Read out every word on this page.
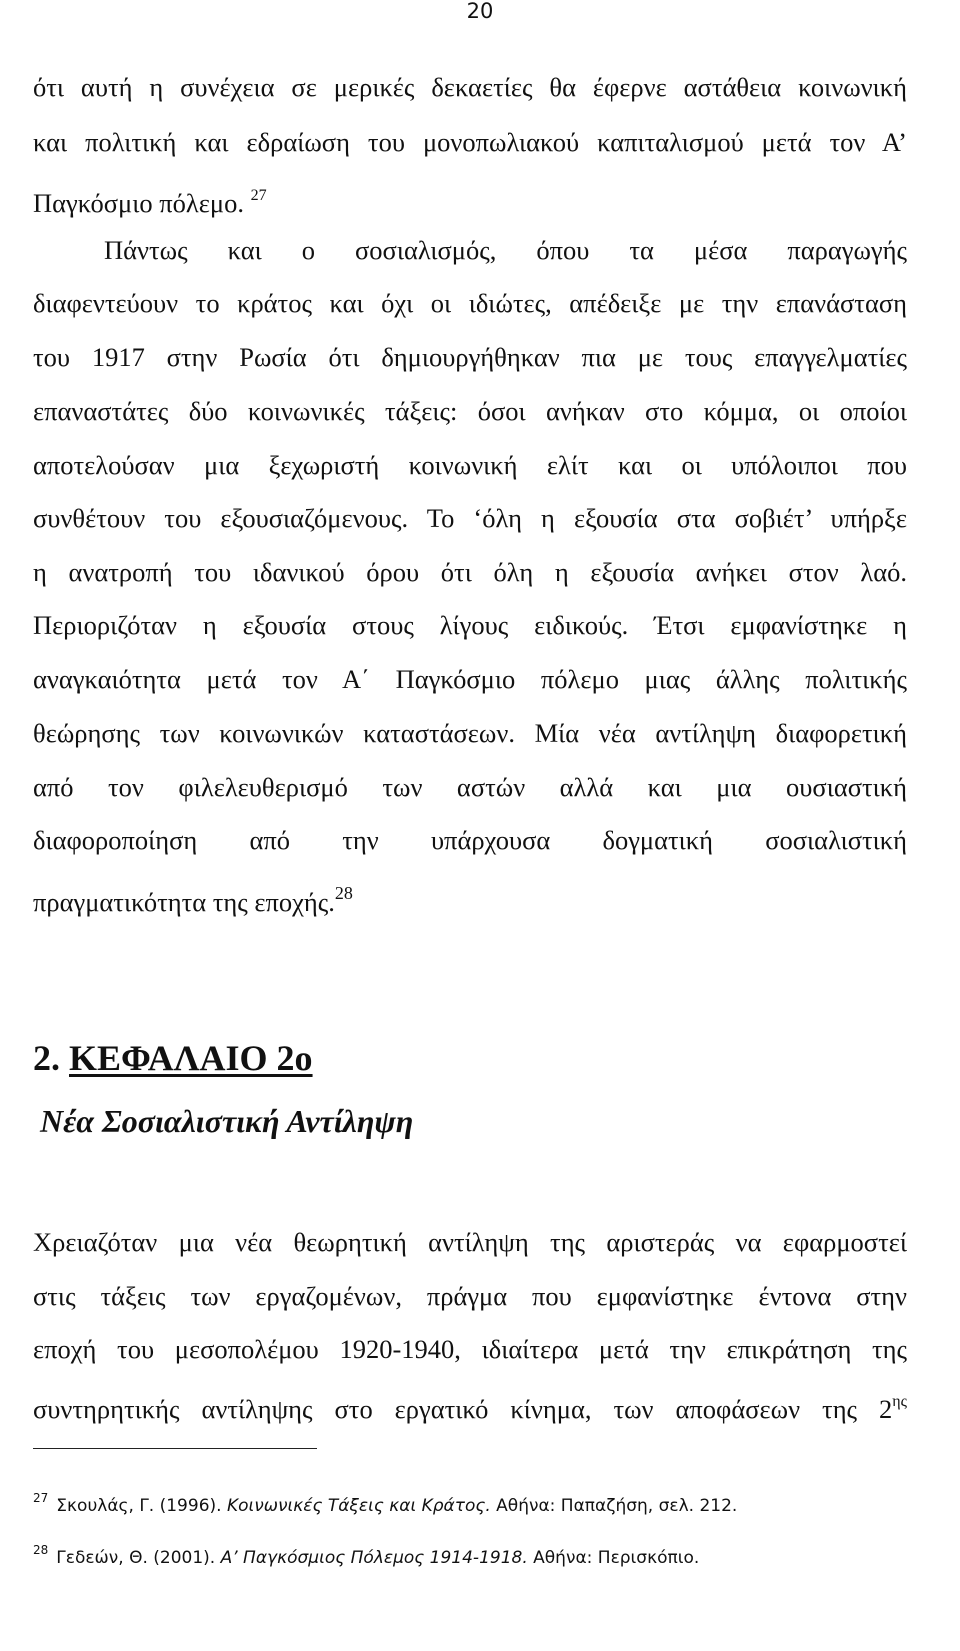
20
ότι αυτή η συνέχεια σε μερικές δεκαετίες θα έφερνε αστάθεια κοινωνική
και πολιτική και εδραίωση του μονοπωλιακού καπιταλισμού μετά τον Α’
Παγκόσμιο πόλεμο. $^{27}$
Πάντως και ο σοσιαλισμός, όπου τα μέσα παραγωγής
διαφεντεύουν το κράτος και όχι οι ιδιώτες, απέδειξε με την επανάσταση
του 1917 στην Ρωσία ότι δημιουργήθηκαν πια με τους επαγγελματίες
επαναστάτες δύο κοινωνικές τάξεις: όσοι ανήκαν στο κόμμα, οι οποίοι
αποτελούσαν μια ξεχωριστή κοινωνική ελίτ και οι υπόλοιποι που
συνθέτουν του εξουσιαζόμενους. Το ‘όλη η εξουσία στα σοβιέτ’ υπήρξε
η ανατροπή του ιδανικού όρου ότι όλη η εξουσία ανήκει στον λαό.
Περιοριζόταν η εξουσία στους λίγους ειδικούς. Έτσι εμφανίστηκε η
αναγκαιότητα μετά τον Α΄ Παγκόσμιο πόλεμο μιας άλλης πολιτικής
θεώρησης των κοινωνικών καταστάσεων. Μία νέα αντίληψη διαφορετική
από τον φιλελευθερισμό των αστών αλλά και μια ουσιαστική
διαφοροποίηση από την υπάρχουσα δογματική σοσιαλιστική
πραγματικότητα της εποχής.$^{28}$
2. ΚΕΦΑΛΑΙΟ 2ο
Νέα Σοσιαλιστική Αντίληψη
Χρειαζόταν μια νέα θεωρητική αντίληψη της αριστεράς να εφαρμοστεί
στις τάξεις των εργαζομένων, πράγμα που εμφανίστηκε έντονα στην
εποχή του μεσοπολέμου 1920-1940, ιδιαίτερα μετά την επικράτηση της
συντηρητικής αντίληψης στο εργατικό κίνημα, των αποφάσεων της 2$^{\eta\varsigma}$
$^{27}$ Σκουλάς, Γ. (1996). Κοινωνικές Τάξεις και Κράτος. Αθήνα: Παπαζήση, σελ. 212.
$^{28}$ Γεδεών, Θ. (2001). Α’ Παγκόσμιος Πόλεμος 1914-1918. Αθήνα: Περισκόπιο.
